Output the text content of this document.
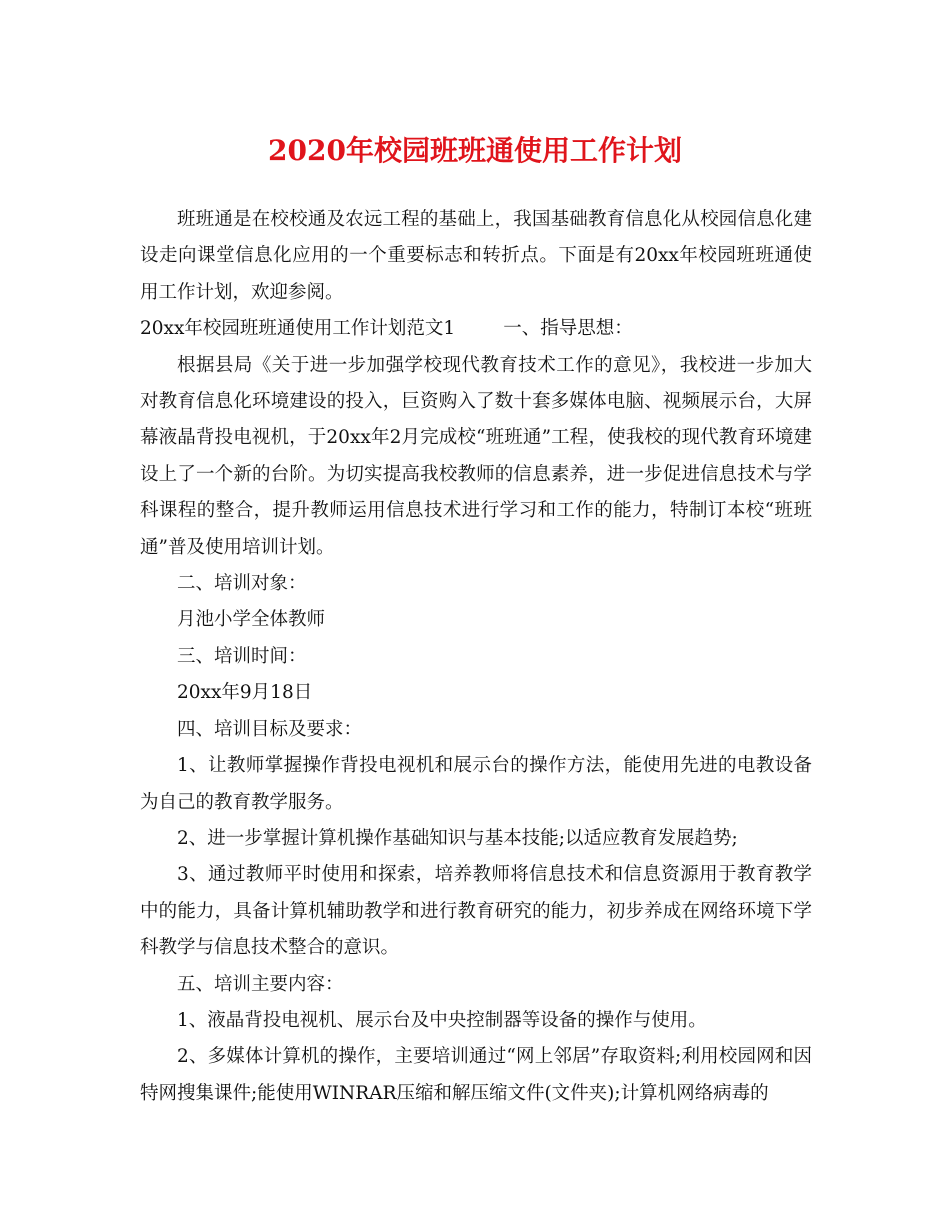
2020年校园班班通使用工作计划

班班通是在校校通及农远工程的基础上，我国基础教育信息化从校园信息化建设走向课堂信息化应用的一个重要标志和转折点。下面是有20xx年校园班班通使用工作计划，欢迎参阅。

20xx年校园班班通使用工作计划范文1	一、指导思想：

根据县局《关于进一步加强学校现代教育技术工作的意见》，我校进一步加大对教育信息化环境建设的投入，巨资购入了数十套多媒体电脑、视频展示台，大屏幕液晶背投电视机，于20xx年2月完成校“班班通”工程，使我校的现代教育环境建设上了一个新的台阶。为切实提高我校教师的信息素养，进一步促进信息技术与学科课程的整合，提升教师运用信息技术进行学习和工作的能力，特制订本校“班班通”普及使用培训计划。

二、培训对象：

月池小学全体教师

三、培训时间：

20xx年9月18日

四、培训目标及要求：

1、让教师掌握操作背投电视机和展示台的操作方法，能使用先进的电教设备为自己的教育教学服务。

2、进一步掌握计算机操作基础知识与基本技能;以适应教育发展趋势;

3、通过教师平时使用和探索，培养教师将信息技术和信息资源用于教育教学中的能力，具备计算机辅助教学和进行教育研究的能力，初步养成在网络环境下学科教学与信息技术整合的意识。

五、培训主要内容：

1、液晶背投电视机、展示台及中央控制器等设备的操作与使用。

2、多媒体计算机的操作，主要培训通过“网上邻居”存取资料;利用校园网和因特网搜集课件;能使用WINRAR压缩和解压缩文件(文件夹);计算机网络病毒的
